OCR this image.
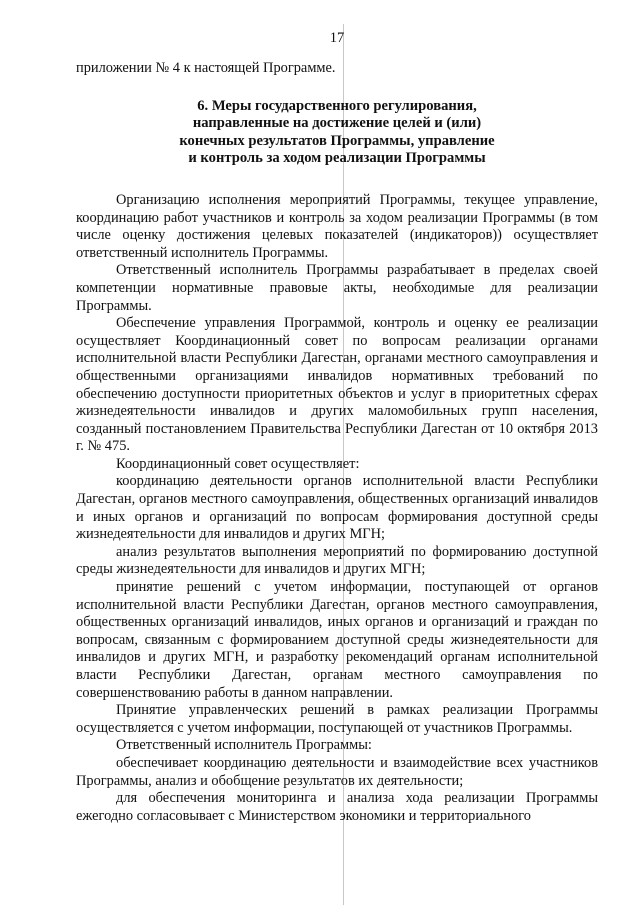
17

приложении № 4 к настоящей Программе.

6. Меры государственного регулирования,
направленные на достижение целей и (или)
конечных результатов Программы, управление
и контроль за ходом реализации Программы

Организацию исполнения мероприятий Программы, текущее управление, координацию работ участников и контроль за ходом реализации Программы (в том числе оценку достижения целевых показателей (индикаторов)) осуществляет ответственный исполнитель Программы.

Ответственный исполнитель Программы разрабатывает в пределах своей компетенции нормативные правовые акты, необходимые для реализации Программы.

Обеспечение управления Программой, контроль и оценку ее реализации осуществляет Координационный совет по вопросам реализации органами исполнительной власти Республики Дагестан, органами местного самоуправления и общественными организациями инвалидов нормативных требований по обеспечению доступности приоритетных объектов и услуг в приоритетных сферах жизнедеятельности инвалидов и других маломобильных групп населения, созданный постановлением Правительства Республики Дагестан от 10 октября 2013 г. № 475.

Координационный совет осуществляет:

координацию деятельности органов исполнительной власти Республики Дагестан, органов местного самоуправления, общественных организаций инвалидов и иных органов и организаций по вопросам формирования доступной среды жизнедеятельности для инвалидов и других МГН;

анализ результатов выполнения мероприятий по формированию доступной среды жизнедеятельности для инвалидов и других МГН;

принятие решений с учетом информации, поступающей от органов исполнительной власти Республики Дагестан, органов местного самоуправления, общественных организаций инвалидов, иных органов и организаций и граждан по вопросам, связанным с формированием доступной среды жизнедеятельности для инвалидов и других МГН, и разработку рекомендаций органам исполнительной власти Республики Дагестан, органам местного самоуправления по совершенствованию работы в данном направлении.

Принятие управленческих решений в рамках реализации Программы осуществляется с учетом информации, поступающей от участников Программы.

Ответственный исполнитель Программы:

обеспечивает координацию деятельности и взаимодействие всех участников Программы, анализ и обобщение результатов их деятельности;

для обеспечения мониторинга и анализа хода реализации Программы ежегодно согласовывает с Министерством экономики и территориального
